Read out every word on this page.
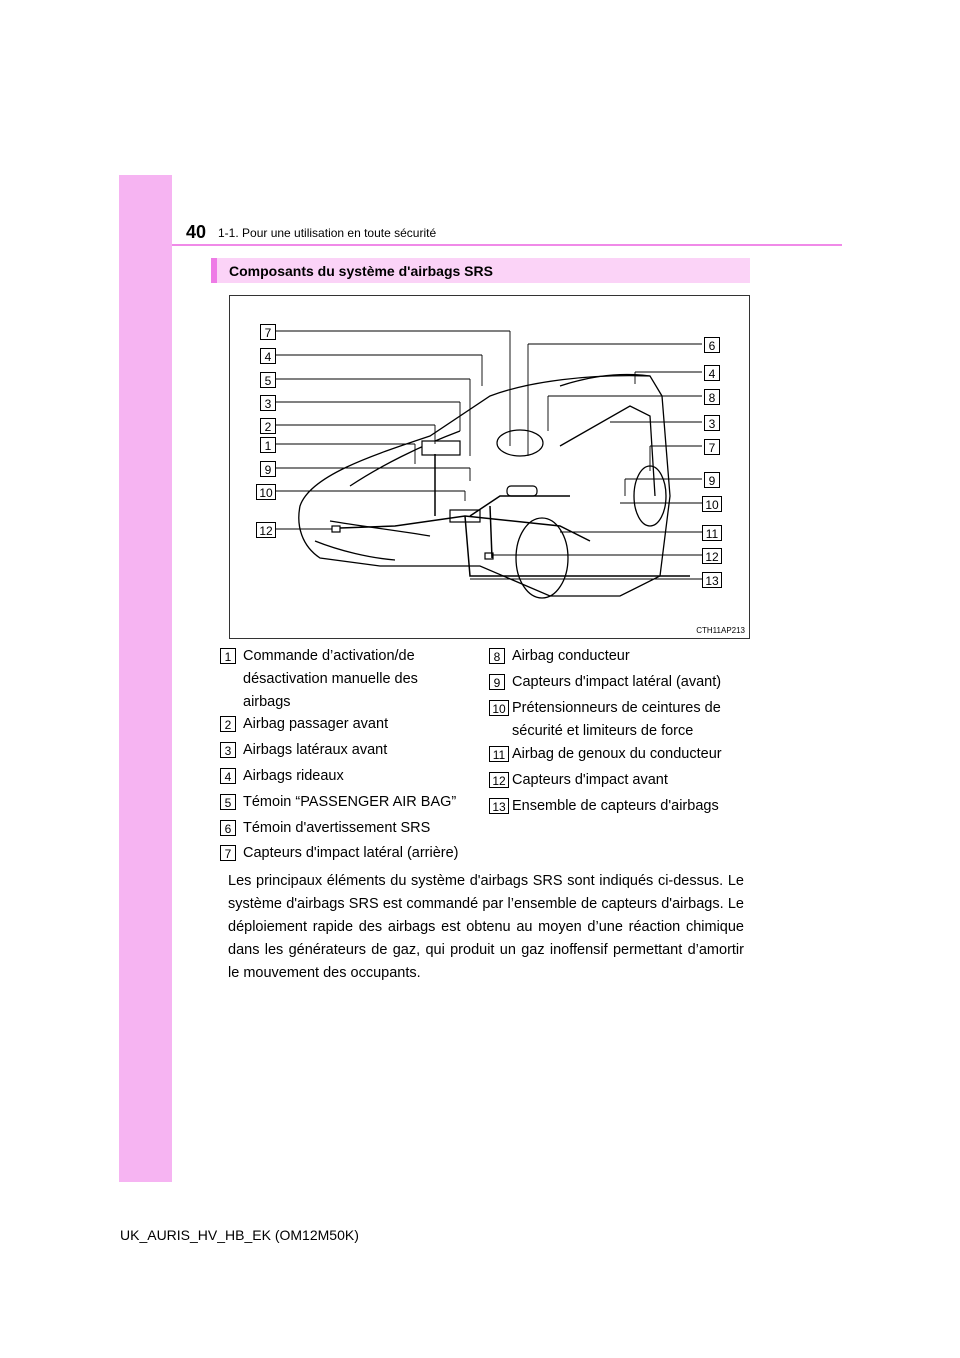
40 1-1. Pour une utilisation en toute sécurité
Composants du système d'airbags SRS
7
4
5
3
2
1
9
10
12
6
4
8
3
7
9
10
11
12
13
CTH11AP213
1 Commande d’activation/de
désactivation manuelle des
airbags
2 Airbag passager avant
3 Airbags latéraux avant
4 Airbags rideaux
5 Témoin “PASSENGER AIR BAG”
6 Témoin d'avertissement SRS
7 Capteurs d'impact latéral (arrière)
8 Airbag conducteur
9 Capteurs d'impact latéral (avant)
10 Prétensionneurs de ceintures de
sécurité et limiteurs de force
11 Airbag de genoux du conducteur
12 Capteurs d'impact avant
13 Ensemble de capteurs d'airbags
Les principaux éléments du système d'airbags SRS sont indiqués ci-dessus. Le système d'airbags SRS est commandé par l’ensemble de capteurs d'airbags. Le déploiement rapide des airbags est obtenu au moyen d’une réaction chimique dans les générateurs de gaz, qui produit un gaz inoffensif permettant d’amortir le mouvement des occupants.
UK_AURIS_HV_HB_EK (OM12M50K)
